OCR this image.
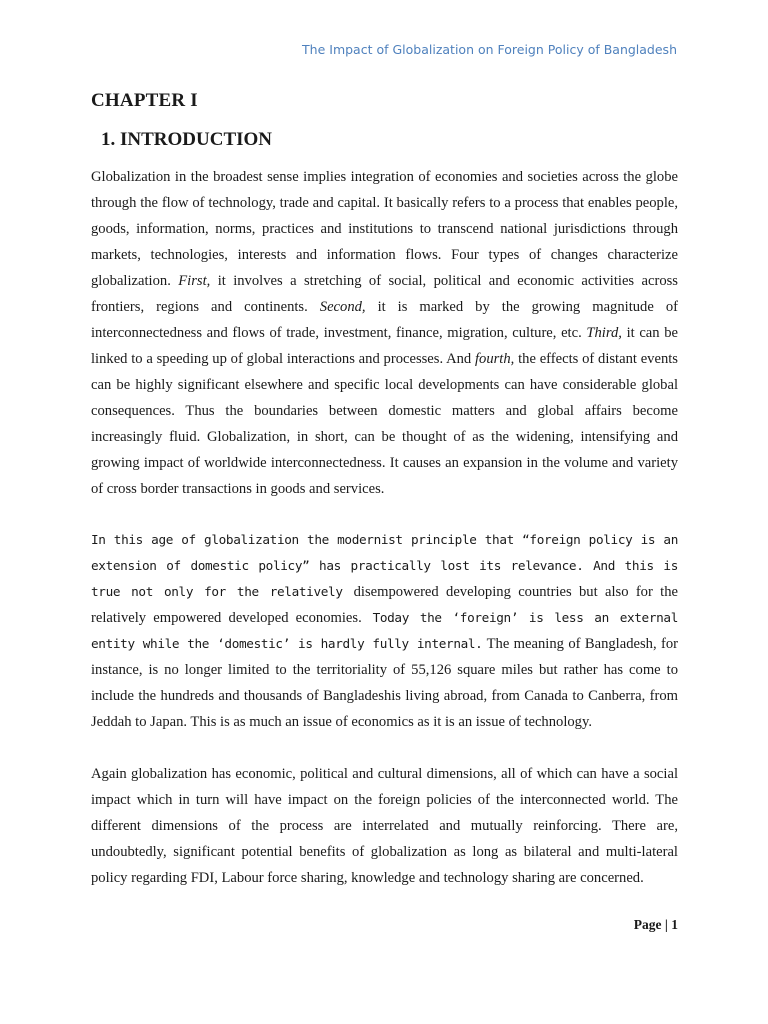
The Impact of Globalization on Foreign Policy of Bangladesh
CHAPTER I
1. INTRODUCTION

Globalization in the broadest sense implies integration of economies and societies across the globe through the flow of technology, trade and capital. It basically refers to a process that enables people, goods, information, norms, practices and institutions to transcend national jurisdictions through markets, technologies, interests and information flows. Four types of changes characterize globalization. First, it involves a stretching of social, political and economic activities across frontiers, regions and continents. Second, it is marked by the growing magnitude of interconnectedness and flows of trade, investment, finance, migration, culture, etc. Third, it can be linked to a speeding up of global interactions and processes. And fourth, the effects of distant events can be highly significant elsewhere and specific local developments can have considerable global consequences. Thus the boundaries between domestic matters and global affairs become increasingly fluid. Globalization, in short, can be thought of as the widening, intensifying and growing impact of worldwide interconnectedness. It causes an expansion in the volume and variety of cross border transactions in goods and services.

In this age of globalization the modernist principle that “foreign policy is an extension of domestic policy” has practically lost its relevance. And this is true not only for the relatively disempowered developing countries but also for the relatively empowered developed economies. Today the ‘foreign’ is less an external entity while the ‘domestic’ is hardly fully internal. The meaning of Bangladesh, for instance, is no longer limited to the territoriality of 55,126 square miles but rather has come to include the hundreds and thousands of Bangladeshis living abroad, from Canada to Canberra, from Jeddah to Japan. This is as much an issue of economics as it is an issue of technology.

Again globalization has economic, political and cultural dimensions, all of which can have a social impact which in turn will have impact on the foreign policies of the interconnected world. The different dimensions of the process are interrelated and mutually reinforcing. There are, undoubtedly, significant potential benefits of globalization as long as bilateral and multi-lateral policy regarding FDI, Labour force sharing, knowledge and technology sharing are concerned.

Page | 1
